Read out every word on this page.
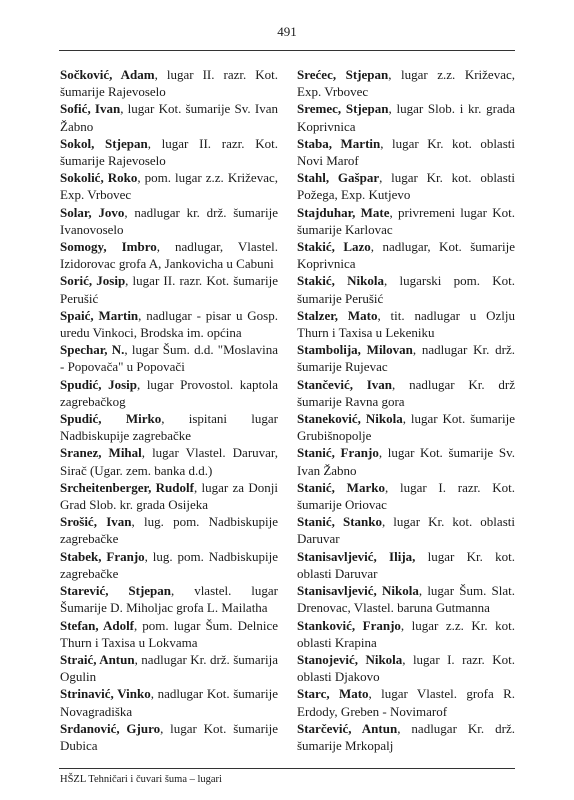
491

Sočković, Adam, lugar II. razr. Kot. šumarije Rajevoselo

Sofić, Ivan, lugar Kot. šumarije Sv. Ivan Žabno

Sokol, Stjepan, lugar II. razr. Kot. šumarije Rajevoselo

Sokolić, Roko, pom. lugar z.z. Križevac, Exp. Vrbovec

Solar, Jovo, nadlugar kr. drž. šumarije Ivanovoselo

Somogy, Imbro, nadlugar, Vlastel. Izidorovac grofa A, Jankovicha u Cabuni

Sorić, Josip, lugar II. razr. Kot. šumarije Perušić

Spaić, Martin, nadlugar - pisar u Gosp. uredu Vinkoci, Brodska im. općina

Spechar, N., lugar Šum. d.d. "Moslavina - Popovača" u Popovači

Spudić, Josip, lugar Provostol. kaptola zagrebačkog

Spudić, Mirko, ispitani lugar Nadbiskupije zagrebačke

Sranez, Mihal, lugar Vlastel. Daruvar, Sirač (Ugar. zem. banka d.d.)

Srcheitenberger, Rudolf, lugar za Donji Grad Slob. kr. grada Osijeka

Srošić, Ivan, lug. pom. Nadbiskupije zagrebačke

Stabek, Franjo, lug. pom. Nadbiskupije zagrebačke

Starević, Stjepan, vlastel. lugar Šumarije D. Miholjac grofa L. Mailatha

Stefan, Adolf, pom. lugar Šum. Delnice Thurn i Taxisa u Lokvama

Straić, Antun, nadlugar Kr. drž. šumarija Ogulin

Strinavić, Vinko, nadlugar Kot. šumarije Novagradiška

Srdanović, Gjuro, lugar Kot. šumarije Dubica

Srećec, Stjepan, lugar z.z. Križevac, Exp. Vrbovec

Sremec, Stjepan, lugar Slob. i kr. grada Koprivnica

Staba, Martin, lugar Kr. kot. oblasti Novi Marof

Stahl, Gašpar, lugar Kr. kot. oblasti Požega, Exp. Kutjevo

Stajduhar, Mate, privremeni lugar Kot. šumarije Karlovac

Stakić, Lazo, nadlugar, Kot. šumarije Koprivnica

Stakić, Nikola, lugarski pom. Kot. šumarije Perušić

Stalzer, Mato, tit. nadlugar u Ozlju Thurn i Taxisa u Lekeniku

Stambolija, Milovan, nadlugar Kr. drž. šumarije Rujevac

Stančević, Ivan, nadlugar Kr. drž šumarije Ravna gora

Staneković, Nikola, lugar Kot. šumarije Grubišnopolje

Stanić, Franjo, lugar Kot. šumarije Sv. Ivan Žabno

Stanić, Marko, lugar I. razr. Kot. šumarije Oriovac

Stanić, Stanko, lugar Kr. kot. oblasti Daruvar

Stanisavljević, Ilija, lugar Kr. kot. oblasti Daruvar

Stanisavljević, Nikola, lugar Šum. Slat. Drenovac, Vlastel. baruna Gutmanna

Stanković, Franjo, lugar z.z. Kr. kot. oblasti Krapina

Stanojević, Nikola, lugar I. razr. Kot. oblasti Djakovo

Starc, Mato, lugar Vlastel. grofa R. Erdody, Greben - Novimarof

Starčević, Antun, nadlugar Kr. drž. šumarije Mrkopalj

HŠZL Tehničari i čuvari šuma – lugari
